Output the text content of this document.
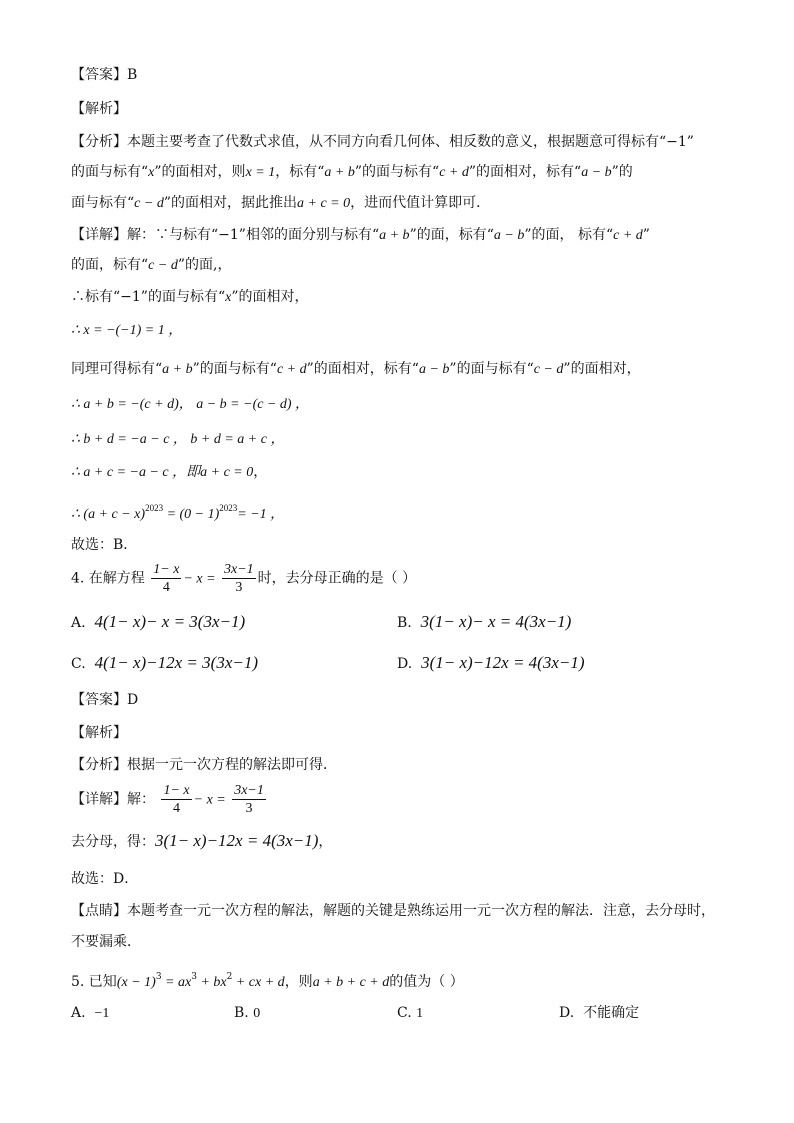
【答案】B
【解析】
【分析】本题主要考查了代数式求值，从不同方向看几何体、相反数的意义，根据题意可得标有“−1”
的面与标有“x”的面相对，则x = 1，标有“a + b”的面与标有“c + d”的面相对，标有“a − b”的
面与标有“c − d”的面相对，据此推出a + c = 0，进而代值计算即可．
【详解】解：∵与标有“−1”相邻的面分别与标有“a + b”的面，标有“a − b”的面， 标有“c + d”
的面，标有“c − d”的面,，
∴标有“−1”的面与标有“x”的面相对，
∴ x = −(−1) = 1 ，
同理可得标有“a + b”的面与标有“c + d”的面相对，标有“a − b”的面与标有“c − d”的面相对，
∴ a + b = −(c + d)， a − b = −(c − d) ，
∴ b + d = −a − c ， b + d = a + c ，
∴ a + c = −a − c ，即a + c = 0，
∴ $(a + c - x)^{2023} = (0 - 1)^{2023}= -1$ ，
故选：B．
4. 在解方程 $\frac{1- x}{4} - x = \frac{3x-1}{3}$ 时，去分母正确的是（ ）
A. 4(1− x)− x = 3(3x−1)	B. 3(1− x)− x = 4(3x−1)
C. 4(1− x)−12x = 3(3x−1)	D. 3(1− x)−12x = 4(3x−1)
【答案】D
【解析】
【分析】根据一元一次方程的解法即可得．
【详解】解： $\frac{1- x}{4} - x = \frac{3x-1}{3}$
去分母，得：3(1− x)−12x = 4(3x−1)，
故选：D．
【点睛】本题考查一元一次方程的解法，解题的关键是熟练运用一元一次方程的解法．注意，去分母时，
不要漏乘．
5. 已知$(x - 1)^3 = ax^3 + bx^2$ + cx + d，则a + b + c + d的值为（ ）
A. −1	B. 0	C. 1	D. 不能确定
